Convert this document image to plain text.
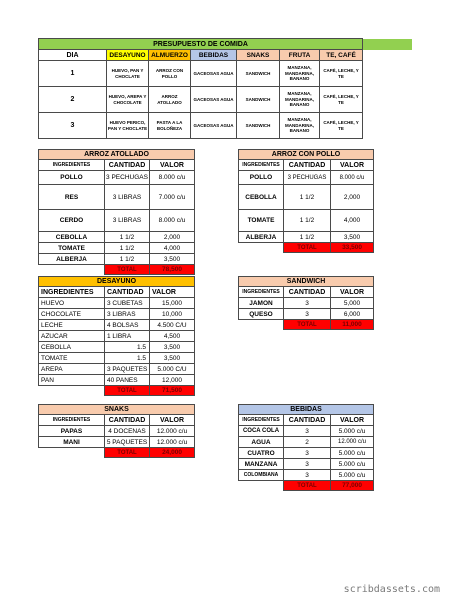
PRESUPUESTO DE COMIDA							
DIA	DESAYUNO	ALMUERZO	BEBIDAS	SNAKS	FRUTA	TE, CAFÉ	
1	HUEVO, PAN Y CHOCLATE	ARROZ CON POLLO	GACEOSAS AGUA	SANDWICH	MANZANA, MANDARINA, BANANO	CAFÉ, LECHE, Y TE	
2	HUEVO, AREPA Y CHOCOLATE	ARROZ ATOLLADO	GACEOSAS AGUA	SANDWICH	MANZANA, MANDARINA, BANANO	CAFÉ, LECHE, Y TE	
3	HUEVO PERICO, PAN Y CHOCLATE	PASTA A LA BOLOÑEZA	GACEOSAS AGUA	SANDWICH	MANZANA, MANDARINA, BANANO	CAFÉ, LECHE, Y TE	
ARROZ ATOLLADO		
INGREDIENTES	CANTIDAD	VALOR
POLLO	3 PECHUGAS	8.000 c/u
RES	3 LIBRAS	7.000 c/u
CERDO	3 LIBRAS	8.000 c/u
CEBOLLA	1 1/2	2,000
TOMATE	1 1/2	4,000
ALBERJA	1 1/2	3,500
	TOTAL	78,500
ARROZ CON POLLO		
INGREDIENTES	CANTIDAD	VALOR
POLLO	3 PECHUGAS	8.000 c/u
CEBOLLA	1 1/2	2,000
TOMATE	1 1/2	4,000
ALBERJA	1 1/2	3,500
	TOTAL	33,500
DESAYUNO		
INGREDIENTES	CANTIDAD	VALOR
HUEVO	3 CUBETAS	15,000
CHOCOLATE	3 LIBRAS	10,000
LECHE	4 BOLSAS	4.500 C/U
AZUCAR	1 LIBRA	4,500
CEBOLLA	1.5	3,500
TOMATE	1.5	3,500
AREPA	3 PAQUETES	5.000 C/U
PAN	40 PANES	12,000
	TOTAL	71,500
SANDWICH		
INGREDIENTES	CANTIDAD	VALOR
JAMON	3	5,000
QUESO	3	6,000
	TOTAL	11,000
SNAKS		
INGREDIENTES	CANTIDAD	VALOR
PAPAS	4 DOCENAS	12.000 c/u
MANI	5 PAQUETES	12.000 c/u
	TOTAL	24,000
BEBIDAS		
INGREDIENTES	CANTIDAD	VALOR
COCA COLA	3	5.000 c/u
AGUA	2	12.000 c/u
CUATRO	3	5.000 c/u
MANZANA	3	5.000 c/u
COLOMBIANA	3	5.000 c/u
	TOTAL	77,000
scribdassets.com
